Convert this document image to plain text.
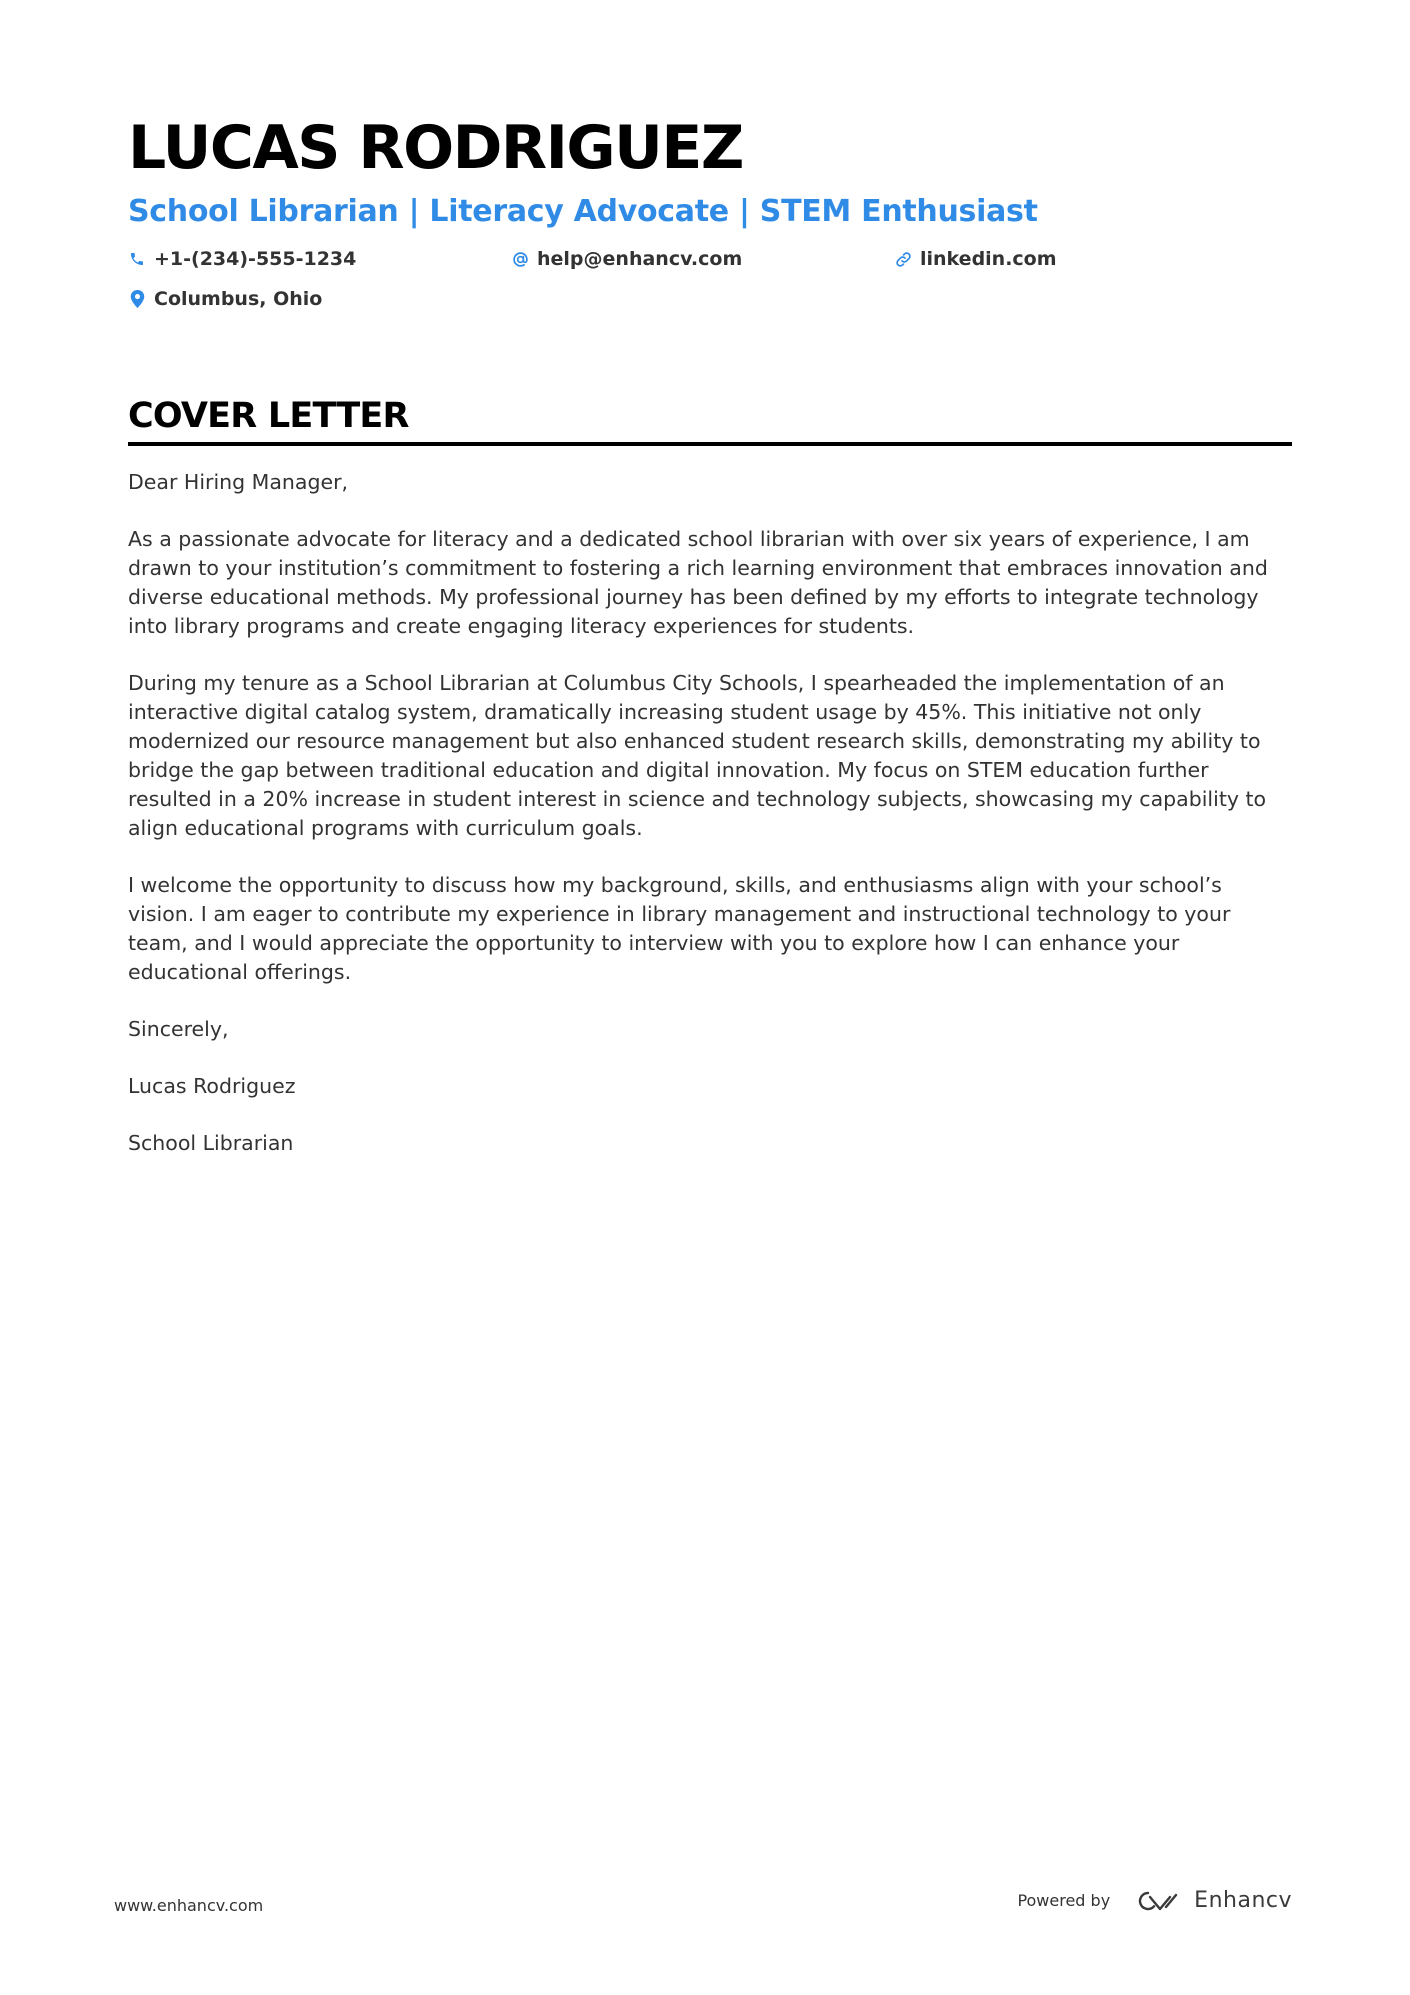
LUCAS RODRIGUEZ
School Librarian | Literacy Advocate | STEM Enthusiast
+1-(234)-555-1234	help@enhancv.com	linkedin.com
Columbus, Ohio
COVER LETTER

Dear Hiring Manager,

As a passionate advocate for literacy and a dedicated school librarian with over six years of experience, I am drawn to your institution’s commitment to fostering a rich learning environment that embraces innovation and diverse educational methods. My professional journey has been defined by my efforts to integrate technology into library programs and create engaging literacy experiences for students.

During my tenure as a School Librarian at Columbus City Schools, I spearheaded the implementation of an interactive digital catalog system, dramatically increasing student usage by 45%. This initiative not only modernized our resource management but also enhanced student research skills, demonstrating my ability to bridge the gap between traditional education and digital innovation. My focus on STEM education further resulted in a 20% increase in student interest in science and technology subjects, showcasing my capability to align educational programs with curriculum goals.

I welcome the opportunity to discuss how my background, skills, and enthusiasms align with your school’s vision. I am eager to contribute my experience in library management and instructional technology to your team, and I would appreciate the opportunity to interview with you to explore how I can enhance your educational offerings.

Sincerely,

Lucas Rodriguez

School Librarian

www.enhancv.com	Powered by	Enhancv
